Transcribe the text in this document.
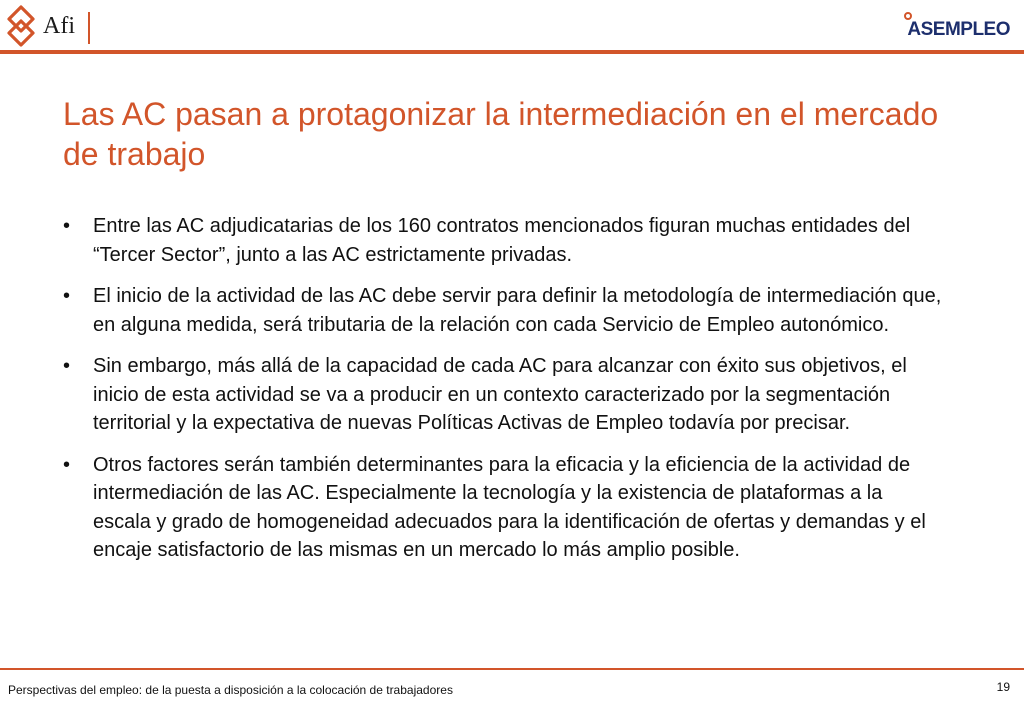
Afi	ASEMPLEO
Las AC pasan a protagonizar la intermediación en el mercado de trabajo
• Entre las AC adjudicatarias de los 160 contratos mencionados figuran muchas entidades del “Tercer Sector”, junto a las AC estrictamente privadas.
• El inicio de la actividad de las AC debe servir para definir la metodología de intermediación que, en alguna medida, será tributaria de la relación con cada Servicio de Empleo autonómico.
• Sin embargo, más allá de la capacidad de cada AC para alcanzar con éxito sus objetivos, el inicio de esta actividad se va a producir en un contexto caracterizado por la segmentación territorial y la expectativa de nuevas Políticas Activas de Empleo todavía por precisar.
• Otros factores serán también determinantes para la eficacia y la eficiencia de la actividad de intermediación de las AC. Especialmente la tecnología y la existencia de plataformas a la escala y grado de homogeneidad adecuados para la identificación de ofertas y demandas y el encaje satisfactorio de las mismas en un mercado lo más amplio posible.
Perspectivas del empleo: de la puesta a disposición a la colocación de trabajadores	19
